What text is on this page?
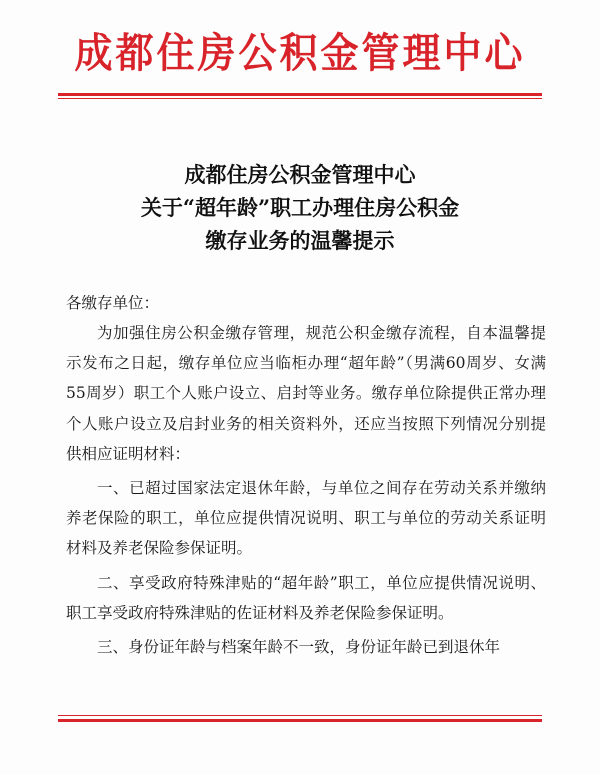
成都住房公积金管理中心
成都住房公积金管理中心
关于“超年龄”职工办理住房公积金
缴存业务的温馨提示
各缴存单位：

为加强住房公积金缴存管理，规范公积金缴存流程，自本温馨提示发布之日起，缴存单位应当临柜办理“超年龄”（男满60周岁、女满55周岁）职工个人账户设立、启封等业务。缴存单位除提供正常办理个人账户设立及启封业务的相关资料外，还应当按照下列情况分别提供相应证明材料：

一、已超过国家法定退休年龄，与单位之间存在劳动关系并缴纳养老保险的职工，单位应提供情况说明、职工与单位的劳动关系证明材料及养老保险参保证明。

二、享受政府特殊津贴的“超年龄”职工，单位应提供情况说明、职工享受政府特殊津贴的佐证材料及养老保险参保证明。

三、身份证年龄与档案年龄不一致，身份证年龄已到退休年
